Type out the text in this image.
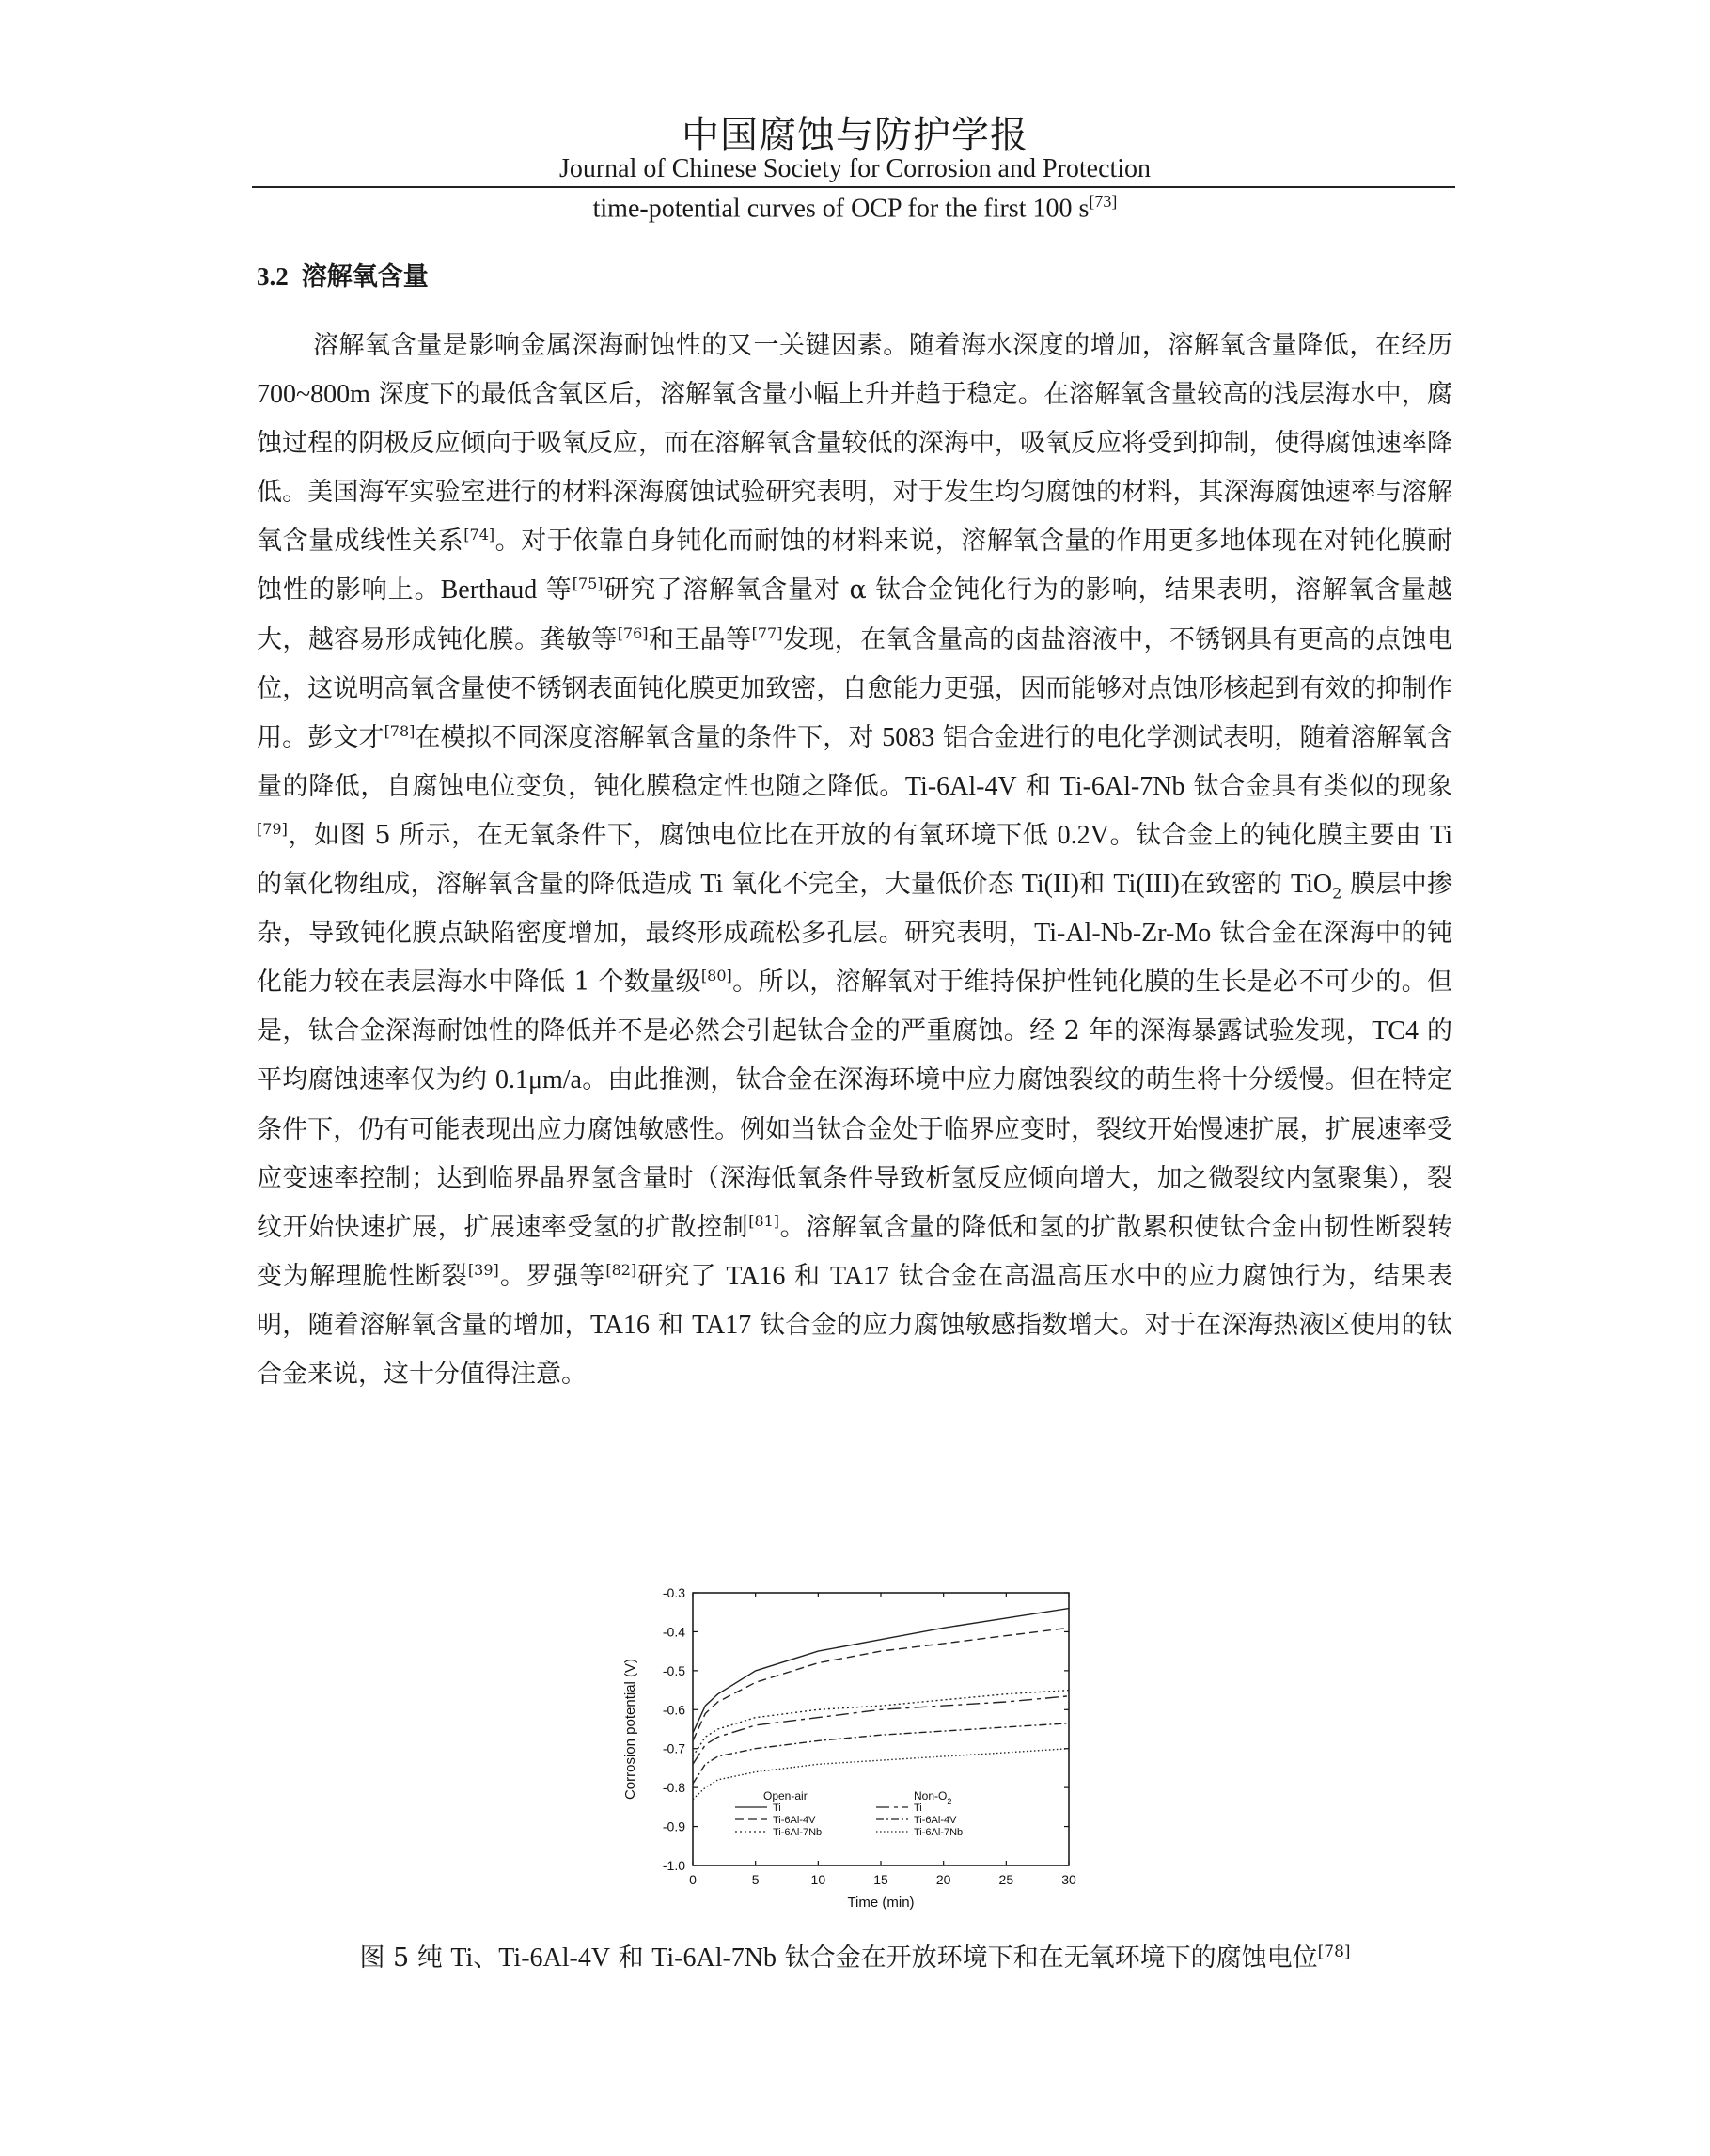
中国腐蚀与防护学报
Journal of Chinese Society for Corrosion and Protection
time-potential curves of OCP for the first 100 s[73]
3.2 溶解氧含量

溶解氧含量是影响金属深海耐蚀性的又一关键因素。随着海水深度的增加，溶解氧含量降低，在经历 700~800m 深度下的最低含氧区后，溶解氧含量小幅上升并趋于稳定。在溶解氧含量较高的浅层海水中，腐蚀过程的阴极反应倾向于吸氧反应，而在溶解氧含量较低的深海中，吸氧反应将受到抑制，使得腐蚀速率降低。美国海军实验室进行的材料深海腐蚀试验研究表明，对于发生均匀腐蚀的材料，其深海腐蚀速率与溶解氧含量成线性关系[74]。对于依靠自身钝化而耐蚀的材料来说，溶解氧含量的作用更多地体现在对钝化膜耐蚀性的影响上。Berthaud 等[75]研究了溶解氧含量对 α 钛合金钝化行为的影响，结果表明，溶解氧含量越大，越容易形成钝化膜。龚敏等[76]和王晶等[77]发现，在氧含量高的卤盐溶液中，不锈钢具有更高的点蚀电位，这说明高氧含量使不锈钢表面钝化膜更加致密，自愈能力更强，因而能够对点蚀形核起到有效的抑制作用。彭文才[78]在模拟不同深度溶解氧含量的条件下，对 5083 铝合金进行的电化学测试表明，随着溶解氧含量的降低，自腐蚀电位变负，钝化膜稳定性也随之降低。Ti-6Al-4V 和 Ti-6Al-7Nb 钛合金具有类似的现象[79]，如图 5 所示，在无氧条件下，腐蚀电位比在开放的有氧环境下低 0.2V。钛合金上的钝化膜主要由 Ti 的氧化物组成，溶解氧含量的降低造成 Ti 氧化不完全，大量低价态 Ti(II)和 Ti(III)在致密的 TiO$_2$ 膜层中掺杂，导致钝化膜点缺陷密度增加，最终形成疏松多孔层。研究表明，Ti-Al-Nb-Zr-Mo 钛合金在深海中的钝化能力较在表层海水中降低 1 个数量级[80]。所以，溶解氧对于维持保护性钝化膜的生长是必不可少的。但是，钛合金深海耐蚀性的降低并不是必然会引起钛合金的严重腐蚀。经 2 年的深海暴露试验发现，TC4 的平均腐蚀速率仅为约 0.1μm/a。由此推测，钛合金在深海环境中应力腐蚀裂纹的萌生将十分缓慢。但在特定条件下，仍有可能表现出应力腐蚀敏感性。例如当钛合金处于临界应变时，裂纹开始慢速扩展，扩展速率受应变速率控制；达到临界晶界氢含量时（深海低氧条件导致析氢反应倾向增大，加之微裂纹内氢聚集），裂纹开始快速扩展，扩展速率受氢的扩散控制[81]。溶解氧含量的降低和氢的扩散累积使钛合金由韧性断裂转变为解理脆性断裂[39]。罗强等[82]研究了 TA16 和 TA17 钛合金在高温高压水中的应力腐蚀行为，结果表明，随着溶解氧含量的增加，TA16 和 TA17 钛合金的应力腐蚀敏感指数增大。对于在深海热液区使用的钛合金来说，这十分值得注意。

-0.3
-0.4
-0.5
-0.6
-0.7
-0.8
-0.9
-1.0
0	5	10	15	20	25	30
Time (min)
Corrosion potential (V)	Open-air	Non-$O_2$
Ti
Ti-6Al-4V
Ti-6Al-7Nb
Ti
Ti-6Al-4V
Ti-6Al-7Nb
图 5 纯 Ti、Ti-6Al-4V 和 Ti-6Al-7Nb 钛合金在开放环境下和在无氧环境下的腐蚀电位[78]
